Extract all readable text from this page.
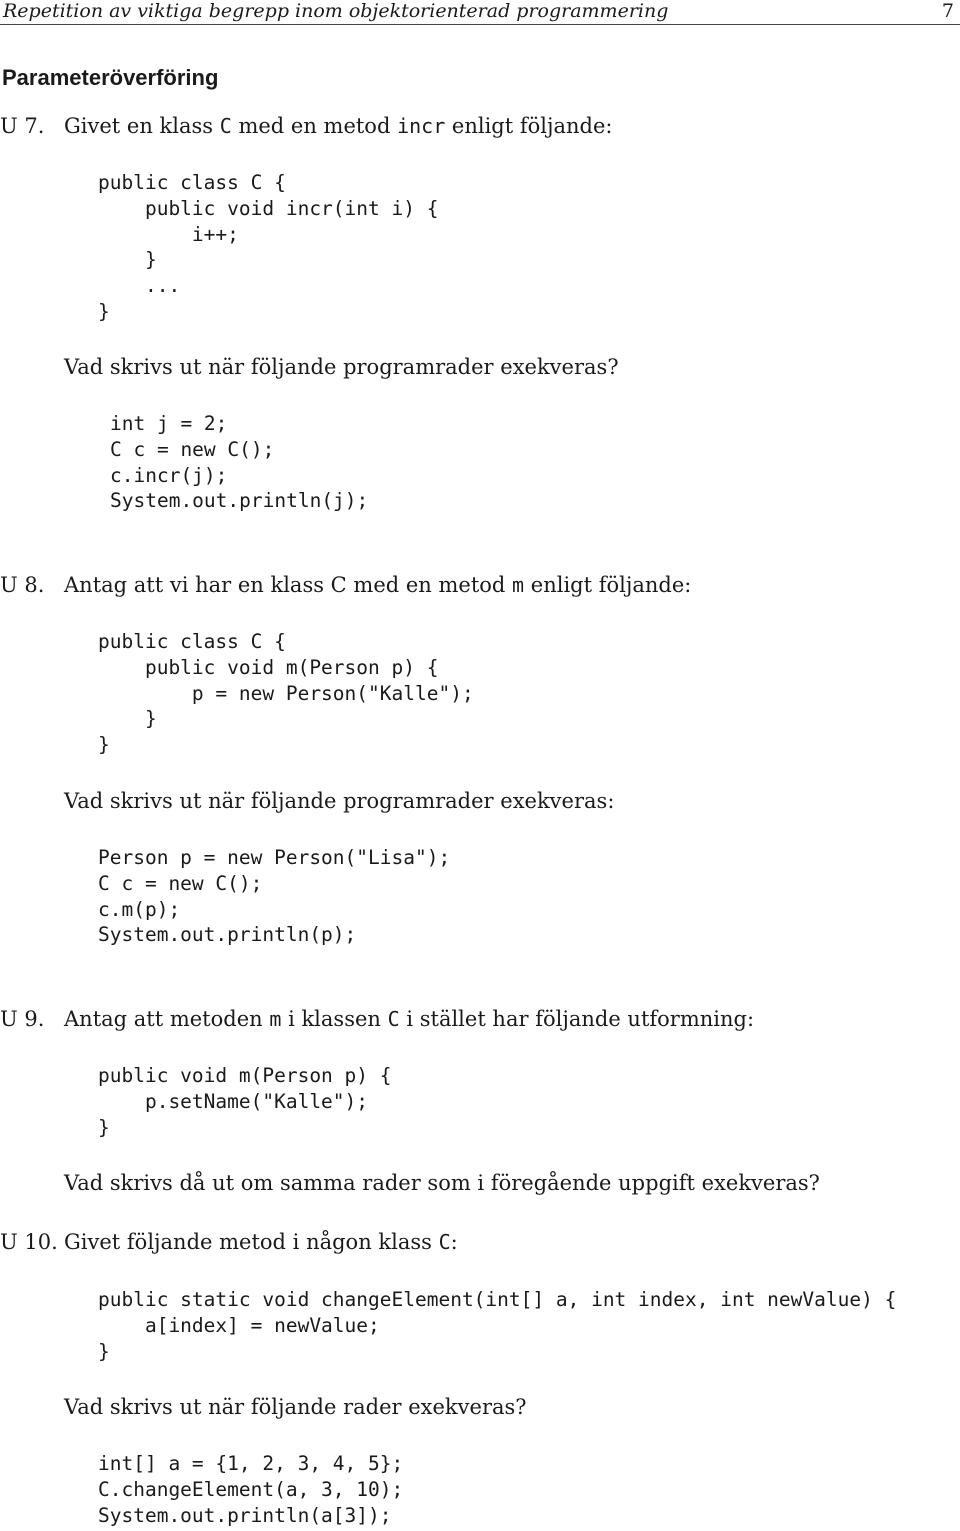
Repetition av viktiga begrepp inom objektorienterad programmering	7
Parameteröverföring
U 7. Givet en klass C med en metod incr enligt följande:
public class C {
public void incr(int i) {
i++;
}
...
}
Vad skrivs ut när följande programrader exekveras?
int j = 2;
C c = new C();
c.incr(j);
System.out.println(j);
U 8. Antag att vi har en klass C med en metod m enligt följande:
public class C {
public void m(Person p) {
p = new Person("Kalle");
}
}
Vad skrivs ut när följande programrader exekveras:
Person p = new Person("Lisa");
C c = new C();
c.m(p);
System.out.println(p);
U 9. Antag att metoden m i klassen C i stället har följande utformning:
public void m(Person p) {
p.setName("Kalle");
}
Vad skrivs då ut om samma rader som i föregående uppgift exekveras?
U 10. Givet följande metod i någon klass C:
public static void changeElement(int[] a, int index, int newValue) {
a[index] = newValue;
}
Vad skrivs ut när följande rader exekveras?
int[] a = {1, 2, 3, 4, 5};
C.changeElement(a, 3, 10);
System.out.println(a[3]);
